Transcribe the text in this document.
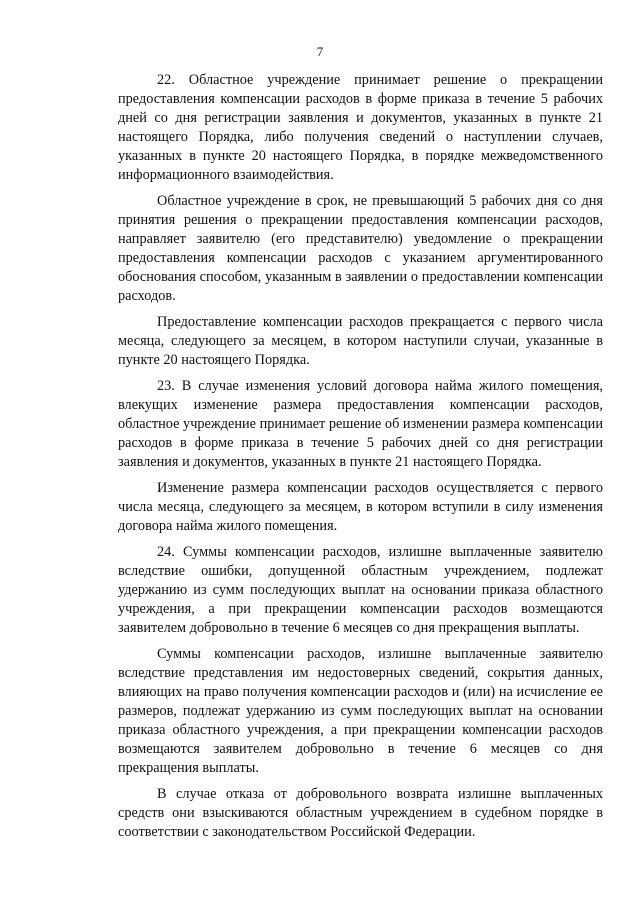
7

22. Областное учреждение принимает решение о прекращении предоставления компенсации расходов в форме приказа в течение 5 рабочих дней со дня регистрации заявления и документов, указанных в пункте 21 настоящего Порядка, либо получения сведений о наступлении случаев, указанных в пункте 20 настоящего Порядка, в порядке межведомственного информационного взаимодействия.

Областное учреждение в срок, не превышающий 5 рабочих дня со дня принятия решения о прекращении предоставления компенсации расходов, направляет заявителю (его представителю) уведомление о прекращении предоставления компенсации расходов с указанием аргументированного обоснования способом, указанным в заявлении о предоставлении компенсации расходов.

Предоставление компенсации расходов прекращается с первого числа месяца, следующего за месяцем, в котором наступили случаи, указанные в пункте 20 настоящего Порядка.

23. В случае изменения условий договора найма жилого помещения, влекущих изменение размера предоставления компенсации расходов, областное учреждение принимает решение об изменении размера компенсации расходов в форме приказа в течение 5 рабочих дней со дня регистрации заявления и документов, указанных в пункте 21 настоящего Порядка.

Изменение размера компенсации расходов осуществляется с первого числа месяца, следующего за месяцем, в котором вступили в силу изменения договора найма жилого помещения.

24. Суммы компенсации расходов, излишне выплаченные заявителю вследствие ошибки, допущенной областным учреждением, подлежат удержанию из сумм последующих выплат на основании приказа областного учреждения, а при прекращении компенсации расходов возмещаются заявителем добровольно в течение 6 месяцев со дня прекращения выплаты.

Суммы компенсации расходов, излишне выплаченные заявителю вследствие представления им недостоверных сведений, сокрытия данных, влияющих на право получения компенсации расходов и (или) на исчисление ее размеров, подлежат удержанию из сумм последующих выплат на основании приказа областного учреждения, а при прекращении компенсации расходов возмещаются заявителем добровольно в течение 6 месяцев со дня прекращения выплаты.

В случае отказа от добровольного возврата излишне выплаченных средств они взыскиваются областным учреждением в судебном порядке в соответствии с законодательством Российской Федерации.
